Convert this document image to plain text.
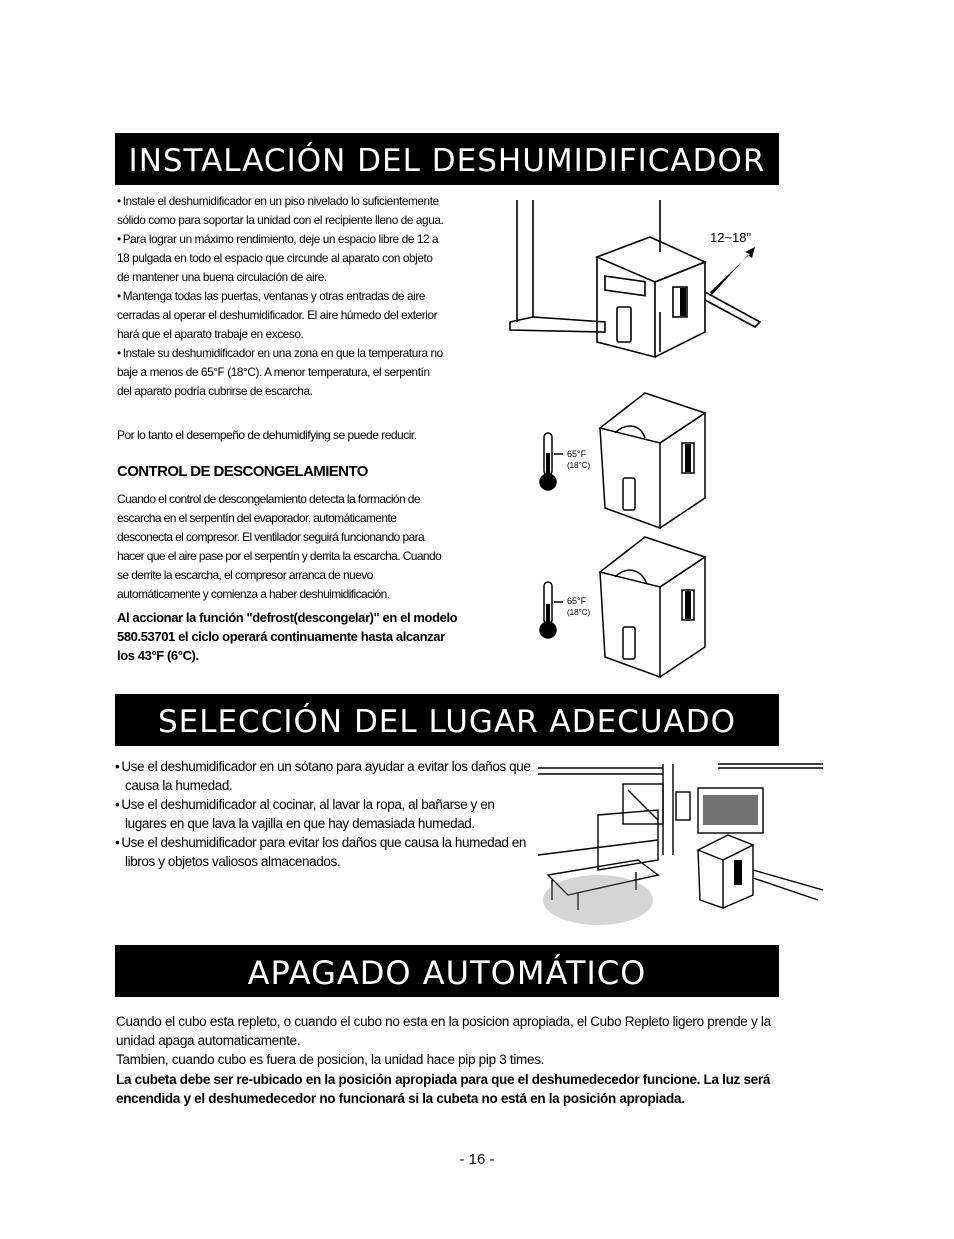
INSTALACIÓN DEL DESHUMIDIFICADOR
• Instale el deshumidificador en un piso nivelado lo suficientemente sólido como para soportar la unidad con el recipiente lleno de agua.
• Para lograr un máximo rendimiento, deje un espacio libre de 12 a 18 pulgada en todo el espacio que circunde al aparato con objeto de mantener una buena circulación de aire.
• Mantenga todas las puertas, ventanas y otras entradas de aire cerradas al operar el deshumidificador. El aire húmedo del exterior hará que el aparato trabaje en exceso.
• Instale su deshumidificador en una zona en que la temperatura no baje a menos de 65°F (18°C). A menor temperatura, el serpentín del aparato podría cubrirse de escarcha.
Por lo tanto el desempeño de dehumidifying se puede reducir.
CONTROL DE DESCONGELAMIENTO
Cuando el control de descongelamiento detecta la formación de escarcha en el serpentín del evaporador, automáticamente desconecta el compresor. El ventilador seguirá funcionando para hacer que el aire pase por el serpentín y derrita la escarcha. Cuando se derrite la escarcha, el compresor arranca de nuevo automáticamente y comienza a haber deshuimidificación.
Al accionar la función "defrost(descongelar)" en el modelo 580.53701 el ciclo operará continuamente hasta alcanzar los 43°F (6°C).
12~18"
65°F
(18°C)
65°F
(18°C)
SELECCIÓN DEL LUGAR ADECUADO
• Use el deshumidificador en un sótano para ayudar a evitar los daños que causa la humedad.
• Use el deshumidificador al cocinar, al lavar la ropa, al bañarse y en lugares en que lava la vajilla en que hay demasiada humedad.
• Use el deshumidificador para evitar los daños que causa la humedad en libros y objetos valiosos almacenados.
APAGADO AUTOMÁTICO
Cuando el cubo esta repleto, o cuando el cubo no esta en la posicion apropiada, el Cubo Repleto ligero prende y la unidad apaga automaticamente.
Tambien, cuando cubo es fuera de posicion, la unidad hace pip pip 3 times.
La cubeta debe ser re-ubicado en la posición apropiada para que el deshumedecedor funcione. La luz será encendida y el deshumedecedor no funcionará si la cubeta no está en la posición apropiada.
- 16 -
